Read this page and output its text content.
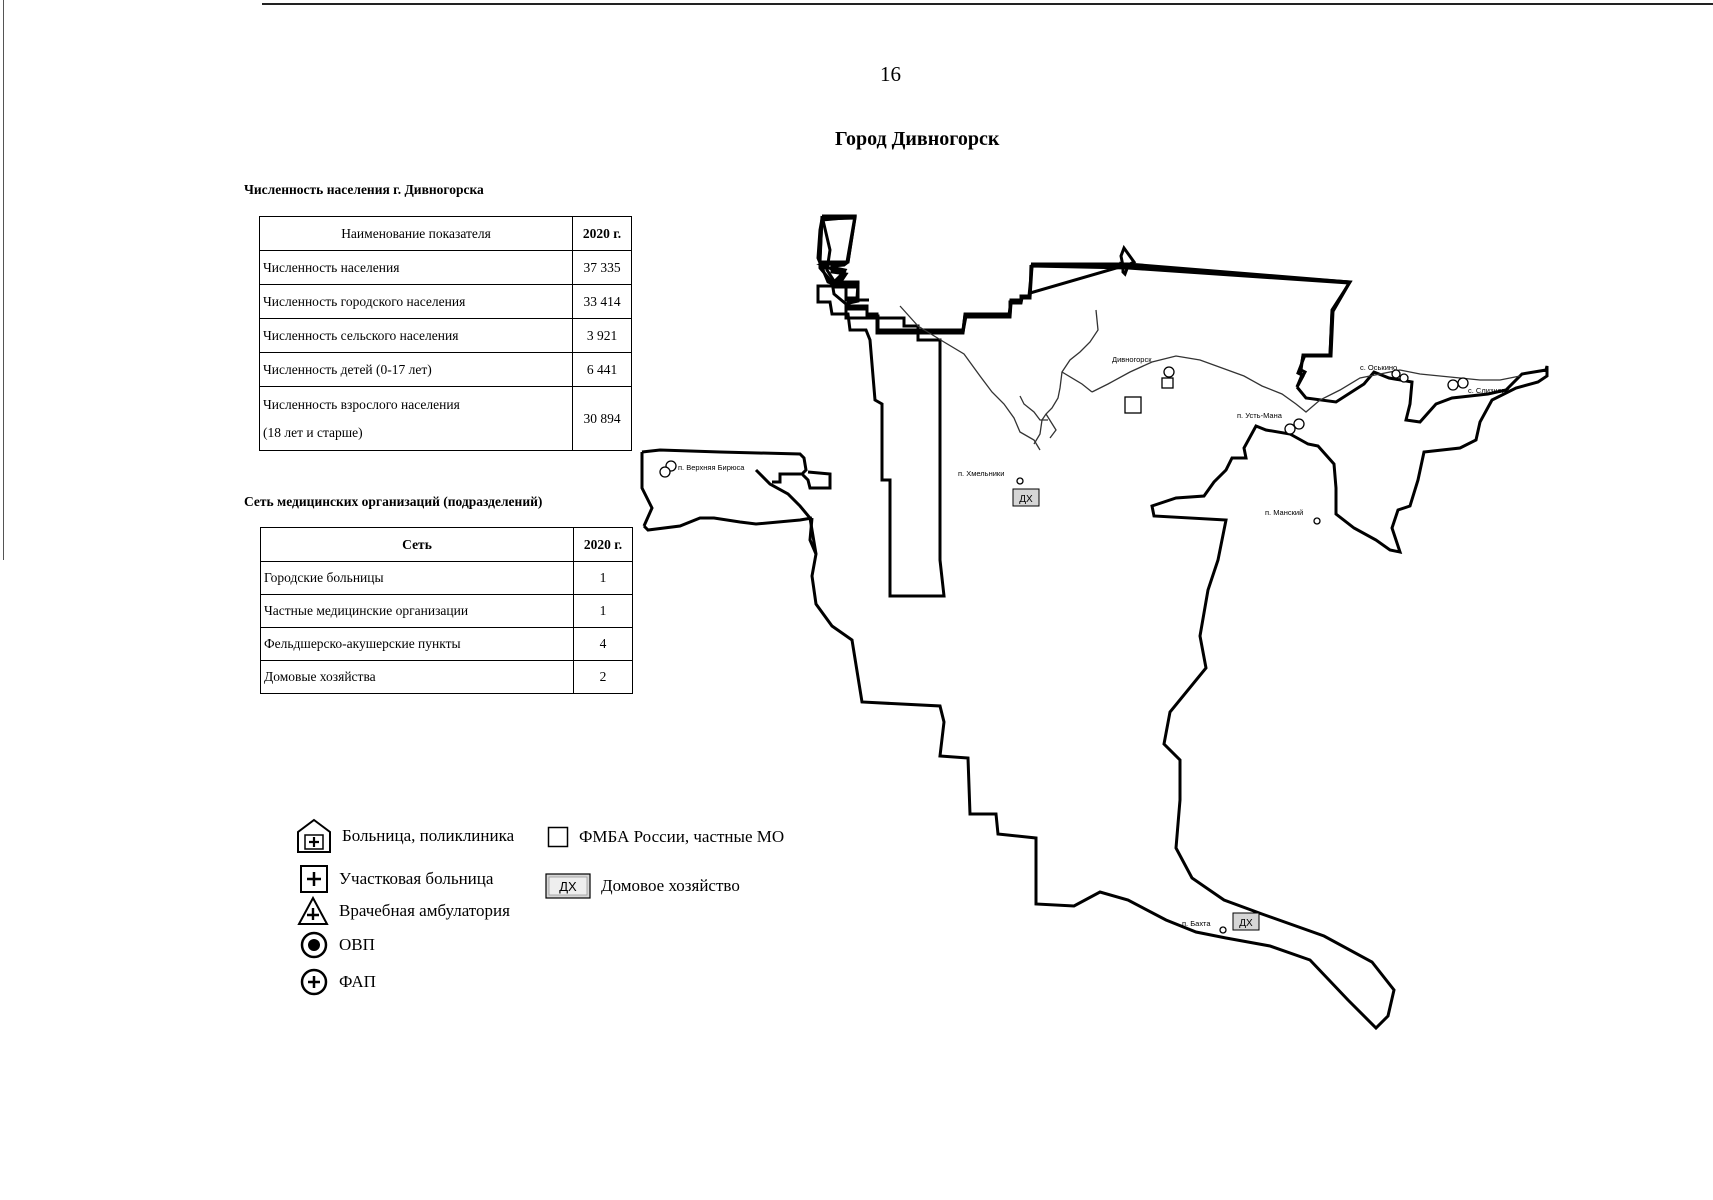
16
Город Дивногорск
Численность населения г. Дивногорска
Наименование показателя	2020 г.
Численность населения	37 335
Численность городского населения	33 414
Численность сельского населения	3 921
Численность детей (0-17 лет)	6 441

Численность взрослого населения
(18 лет и старше)	30 894
Сеть медицинских организаций (подразделений)
Сеть	2020 г.
Городские больницы	1
Частные медицинские организации	1
Фельдшерско-акушерские пункты	4
Домовые хозяйства	2
Больница, поликлиника
Участковая больница
Врачебная амбулатория
ОВП
ФАП
ФМБА России, частные МО
ДХ Домовое хозяйство
ДХ
ДХ
п. Верхняя Бирюса
п. Хмельники
Дивногорск
с. Оськино
п. Усть-Мана
с. Слизнево
п. Манский
п. Бахта
